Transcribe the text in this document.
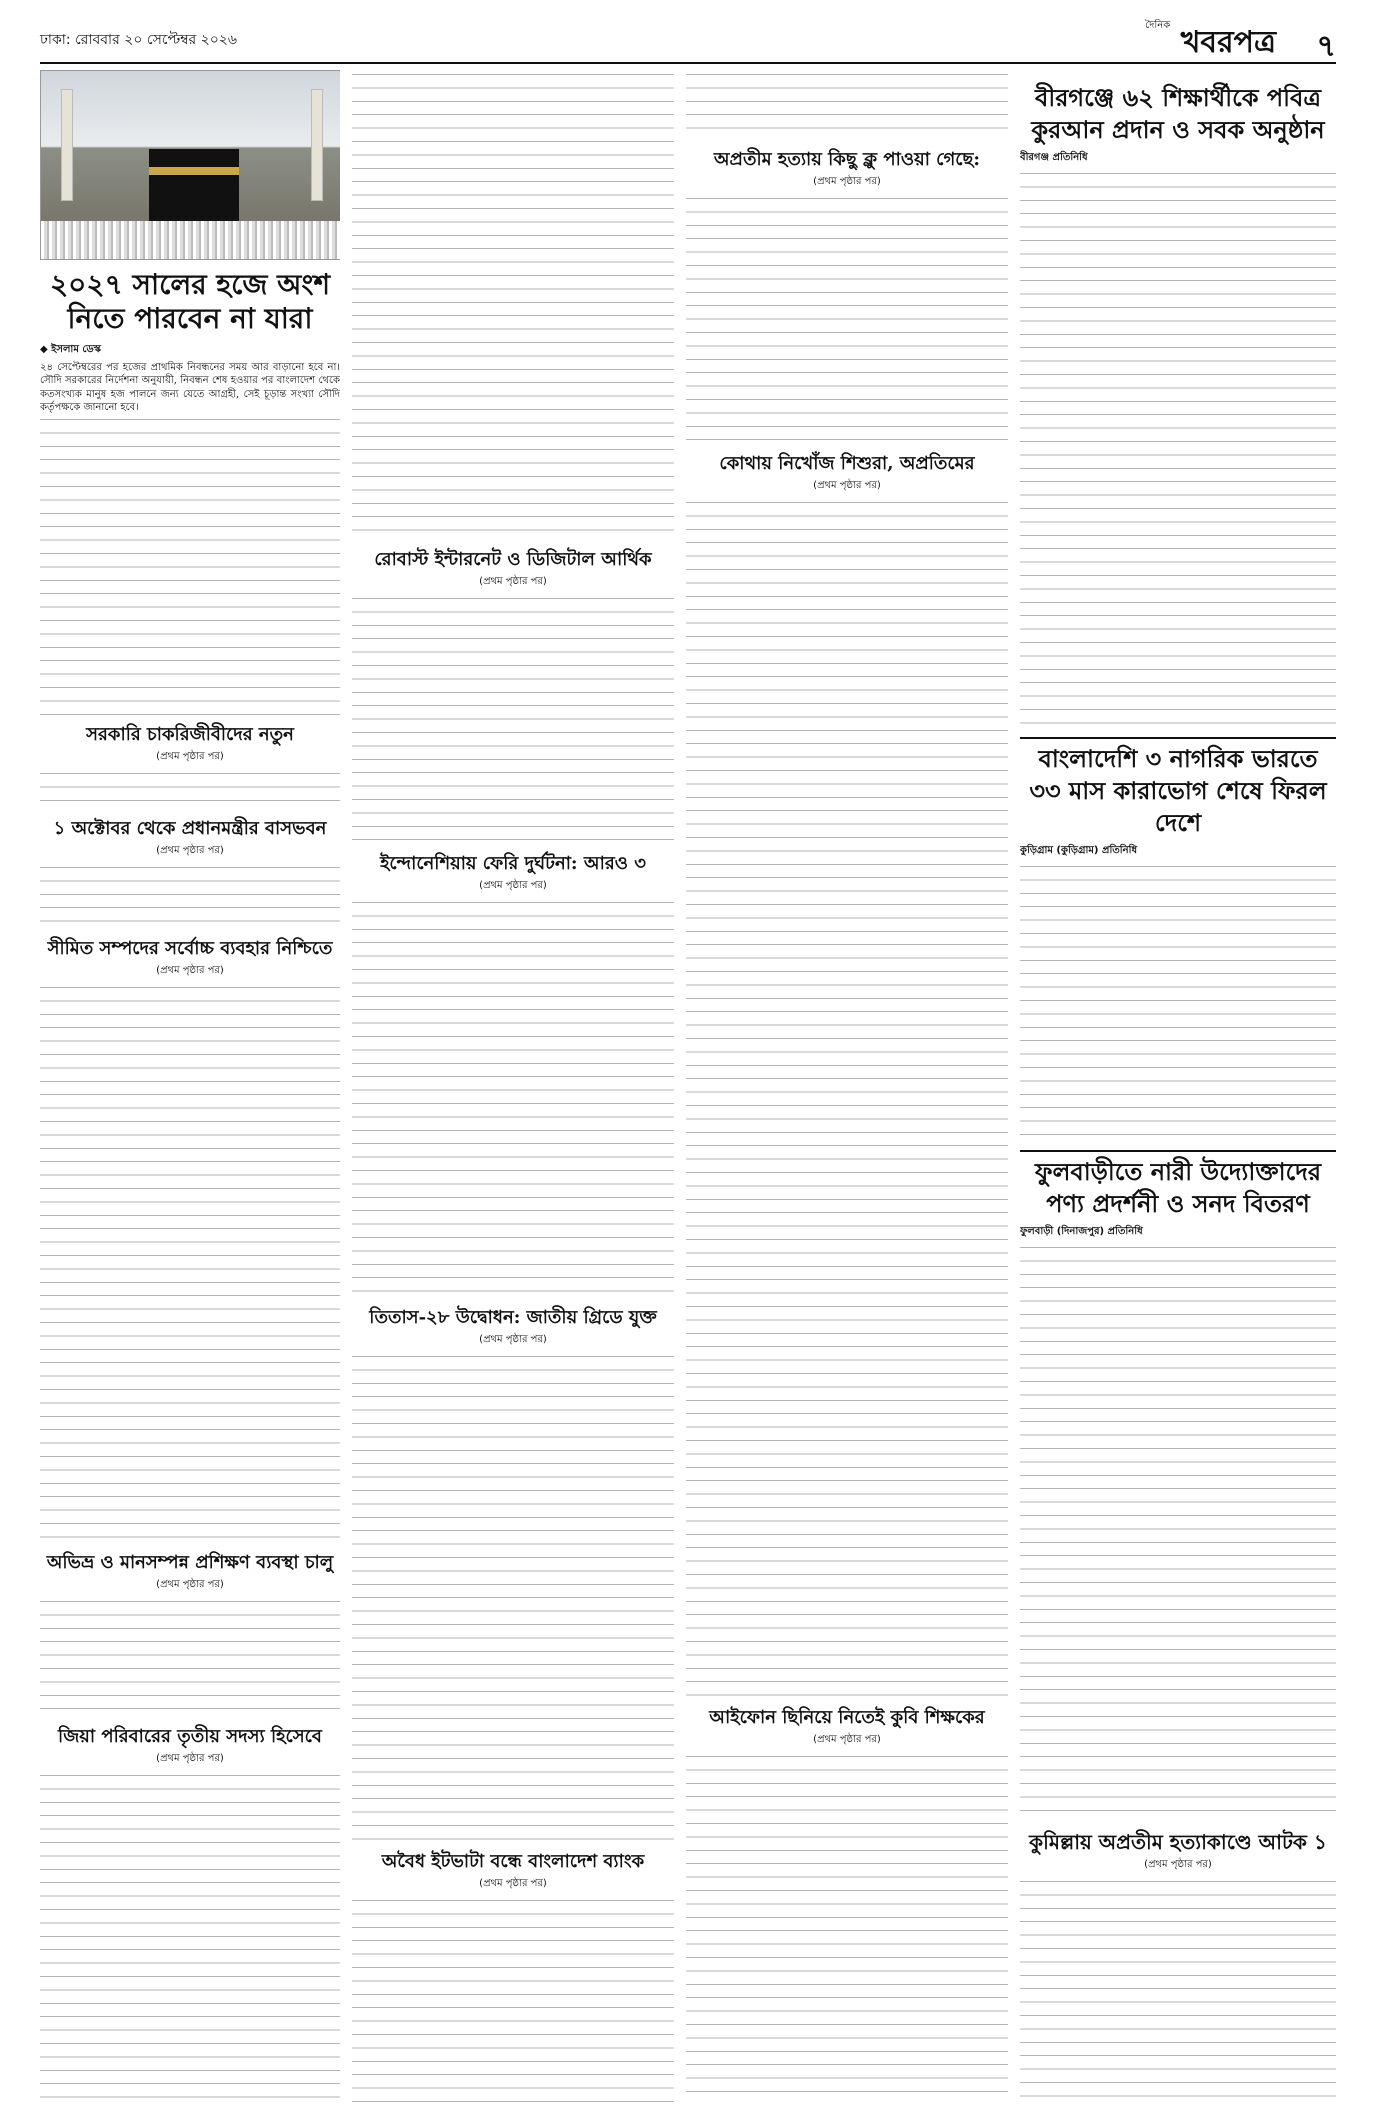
ঢাকা: রোববার ২০ সেপ্টেম্বর ২০২৬
$^{দৈনিক}$ খবরপত্র ৭
২০২৭ সালের হজে অংশ নিতে পারবেন না যারা
◆ ইসলাম ডেস্ক

২৪ সেপ্টেম্বরের পর হজের প্রাথমিক নিবন্ধনের সময় আর বাড়ানো হবে না। সৌদি সরকারের নির্দেশনা অনুযায়ী, নিবন্ধন শেষ হওয়ার পর বাংলাদেশ থেকে কতসংখ্যক মানুষ হজ পালনে জন্য যেতে আগ্রহী, সেই চূড়ান্ত সংখ্যা সৌদি কর্তৃপক্ষকে জানানো হবে।

সরকারি চাকরিজীবীদের নতুন
(প্রথম পৃষ্ঠার পর)
১ অক্টোবর থেকে প্রধানমন্ত্রীর বাসভবন
(প্রথম পৃষ্ঠার পর)
সীমিত সম্পদের সর্বোচ্চ ব্যবহার নিশ্চিতে
(প্রথম পৃষ্ঠার পর)
অভিভ্র ও মানসম্পন্ন প্রশিক্ষণ ব্যবস্থা চালু
(প্রথম পৃষ্ঠার পর)
জিয়া পরিবারের তৃতীয় সদস্য হিসেবে
(প্রথম পৃষ্ঠার পর)
রোবাস্ট ইন্টারনেট ও ডিজিটাল আর্থিক
(প্রথম পৃষ্ঠার পর)
ইন্দোনেশিয়ায় ফেরি দুর্ঘটনা: আরও ৩
(প্রথম পৃষ্ঠার পর)
তিতাস-২৮ উদ্বোধন: জাতীয় গ্রিডে যুক্ত
(প্রথম পৃষ্ঠার পর)
অবৈধ ইটভাটা বন্ধে বাংলাদেশ ব্যাংক
(প্রথম পৃষ্ঠার পর)
অপ্রতীম হত্যায় কিছু ক্লু পাওয়া গেছে:
(প্রথম পৃষ্ঠার পর)
কোথায় নিখোঁজ শিশুরা, অপ্রতিমের
(প্রথম পৃষ্ঠার পর)
আইফোন ছিনিয়ে নিতেই কুবি শিক্ষকের
(প্রথম পৃষ্ঠার পর)
বীরগঞ্জে ৬২ শিক্ষার্থীকে পবিত্র কুরআন প্রদান ও সবক অনুষ্ঠান
বীরগঞ্জ প্রতিনিধি
বাংলাদেশি ৩ নাগরিক ভারতে ৩৩ মাস কারাভোগ শেষে ফিরল দেশে
কুড়িগ্রাম (কুড়িগ্রাম) প্রতিনিধি
ফুলবাড়ীতে নারী উদ্যোক্তাদের পণ্য প্রদর্শনী ও সনদ বিতরণ
ফুলবাড়ী (দিনাজপুর) প্রতিনিধি
কুমিল্লায় অপ্রতীম হত্যাকাণ্ডে আটক ১
(প্রথম পৃষ্ঠার পর)
